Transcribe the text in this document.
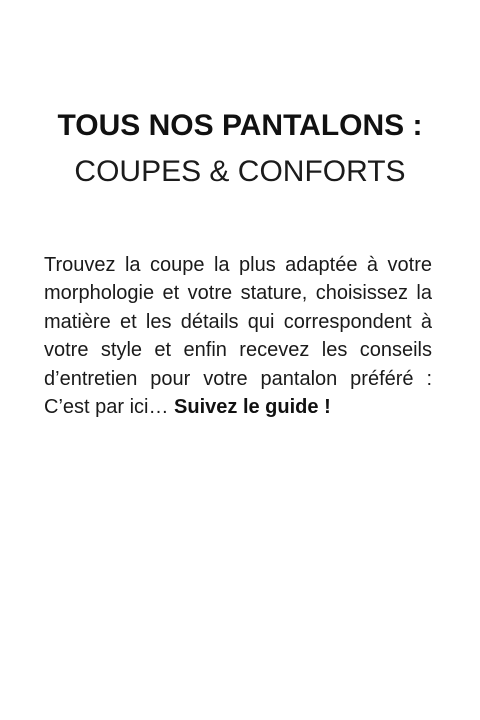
TOUS NOS PANTALONS :
COUPES & CONFORTS

Trouvez la coupe la plus adaptée à votre morphologie et votre stature, choisissez la matière et les détails qui correspondent à votre style et enfin recevez les conseils d’entretien pour votre pantalon préféré : C’est par ici… Suivez le guide !
